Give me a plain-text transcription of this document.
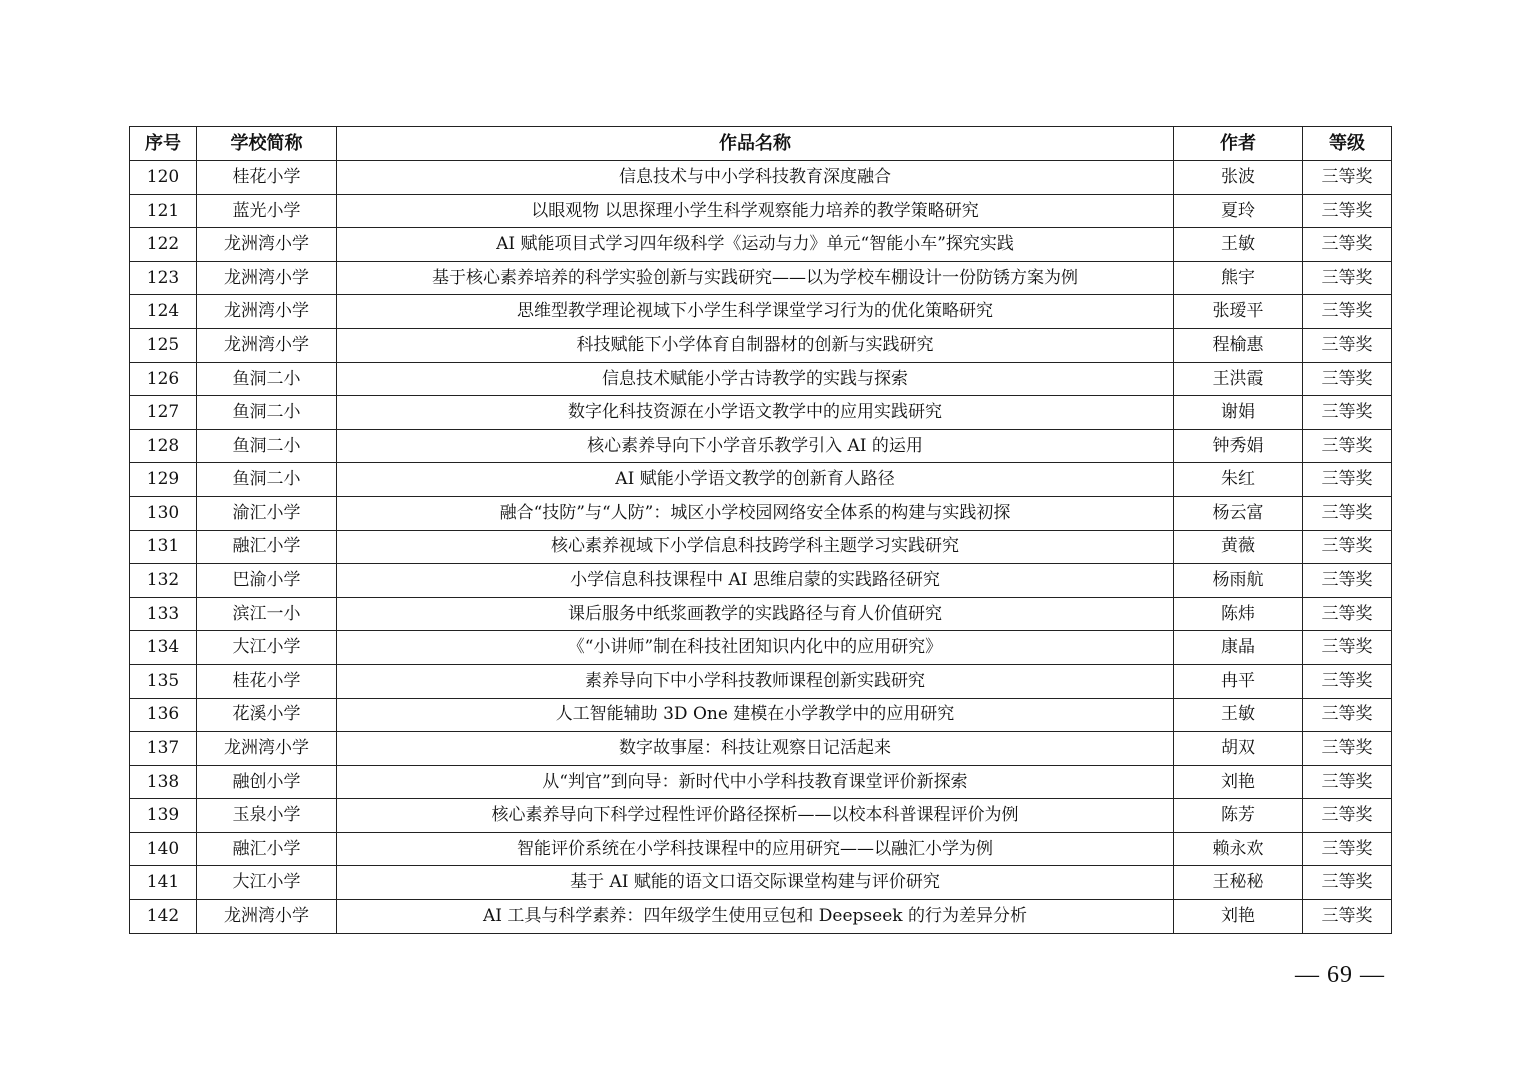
序号	学校简称	作品名称	作者	等级
120	桂花小学	信息技术与中小学科技教育深度融合	张波	三等奖
121	蓝光小学	以眼观物 以思探理小学生科学观察能力培养的教学策略研究	夏玲	三等奖
122	龙洲湾小学	AI 赋能项目式学习四年级科学《运动与力》单元“智能小车”探究实践	王敏	三等奖
123	龙洲湾小学	基于核心素养培养的科学实验创新与实践研究——以为学校车棚设计一份防锈方案为例	熊宇	三等奖
124	龙洲湾小学	思维型教学理论视域下小学生科学课堂学习行为的优化策略研究	张瑷平	三等奖
125	龙洲湾小学	科技赋能下小学体育自制器材的创新与实践研究	程榆惠	三等奖
126	鱼洞二小	信息技术赋能小学古诗教学的实践与探索	王洪霞	三等奖
127	鱼洞二小	数字化科技资源在小学语文教学中的应用实践研究	谢娟	三等奖
128	鱼洞二小	核心素养导向下小学音乐教学引入 AI 的运用	钟秀娟	三等奖
129	鱼洞二小	AI 赋能小学语文教学的创新育人路径	朱红	三等奖
130	渝汇小学	融合“技防”与“人防”：城区小学校园网络安全体系的构建与实践初探	杨云富	三等奖
131	融汇小学	核心素养视域下小学信息科技跨学科主题学习实践研究	黄薇	三等奖
132	巴渝小学	小学信息科技课程中 AI 思维启蒙的实践路径研究	杨雨航	三等奖
133	滨江一小	课后服务中纸浆画教学的实践路径与育人价值研究	陈炜	三等奖
134	大江小学	《“小讲师”制在科技社团知识内化中的应用研究》	康晶	三等奖
135	桂花小学	素养导向下中小学科技教师课程创新实践研究	冉平	三等奖
136	花溪小学	人工智能辅助 3D One 建模在小学教学中的应用研究	王敏	三等奖
137	龙洲湾小学	数字故事屋：科技让观察日记活起来	胡双	三等奖
138	融创小学	从“判官”到向导：新时代中小学科技教育课堂评价新探索	刘艳	三等奖
139	玉泉小学	核心素养导向下科学过程性评价路径探析——以校本科普课程评价为例	陈芳	三等奖
140	融汇小学	智能评价系统在小学科技课程中的应用研究——以融汇小学为例	赖永欢	三等奖
141	大江小学	基于 AI 赋能的语文口语交际课堂构建与评价研究	王秘秘	三等奖
142	龙洲湾小学	AI 工具与科学素养：四年级学生使用豆包和 Deepseek 的行为差异分析	刘艳	三等奖
— 69 —
